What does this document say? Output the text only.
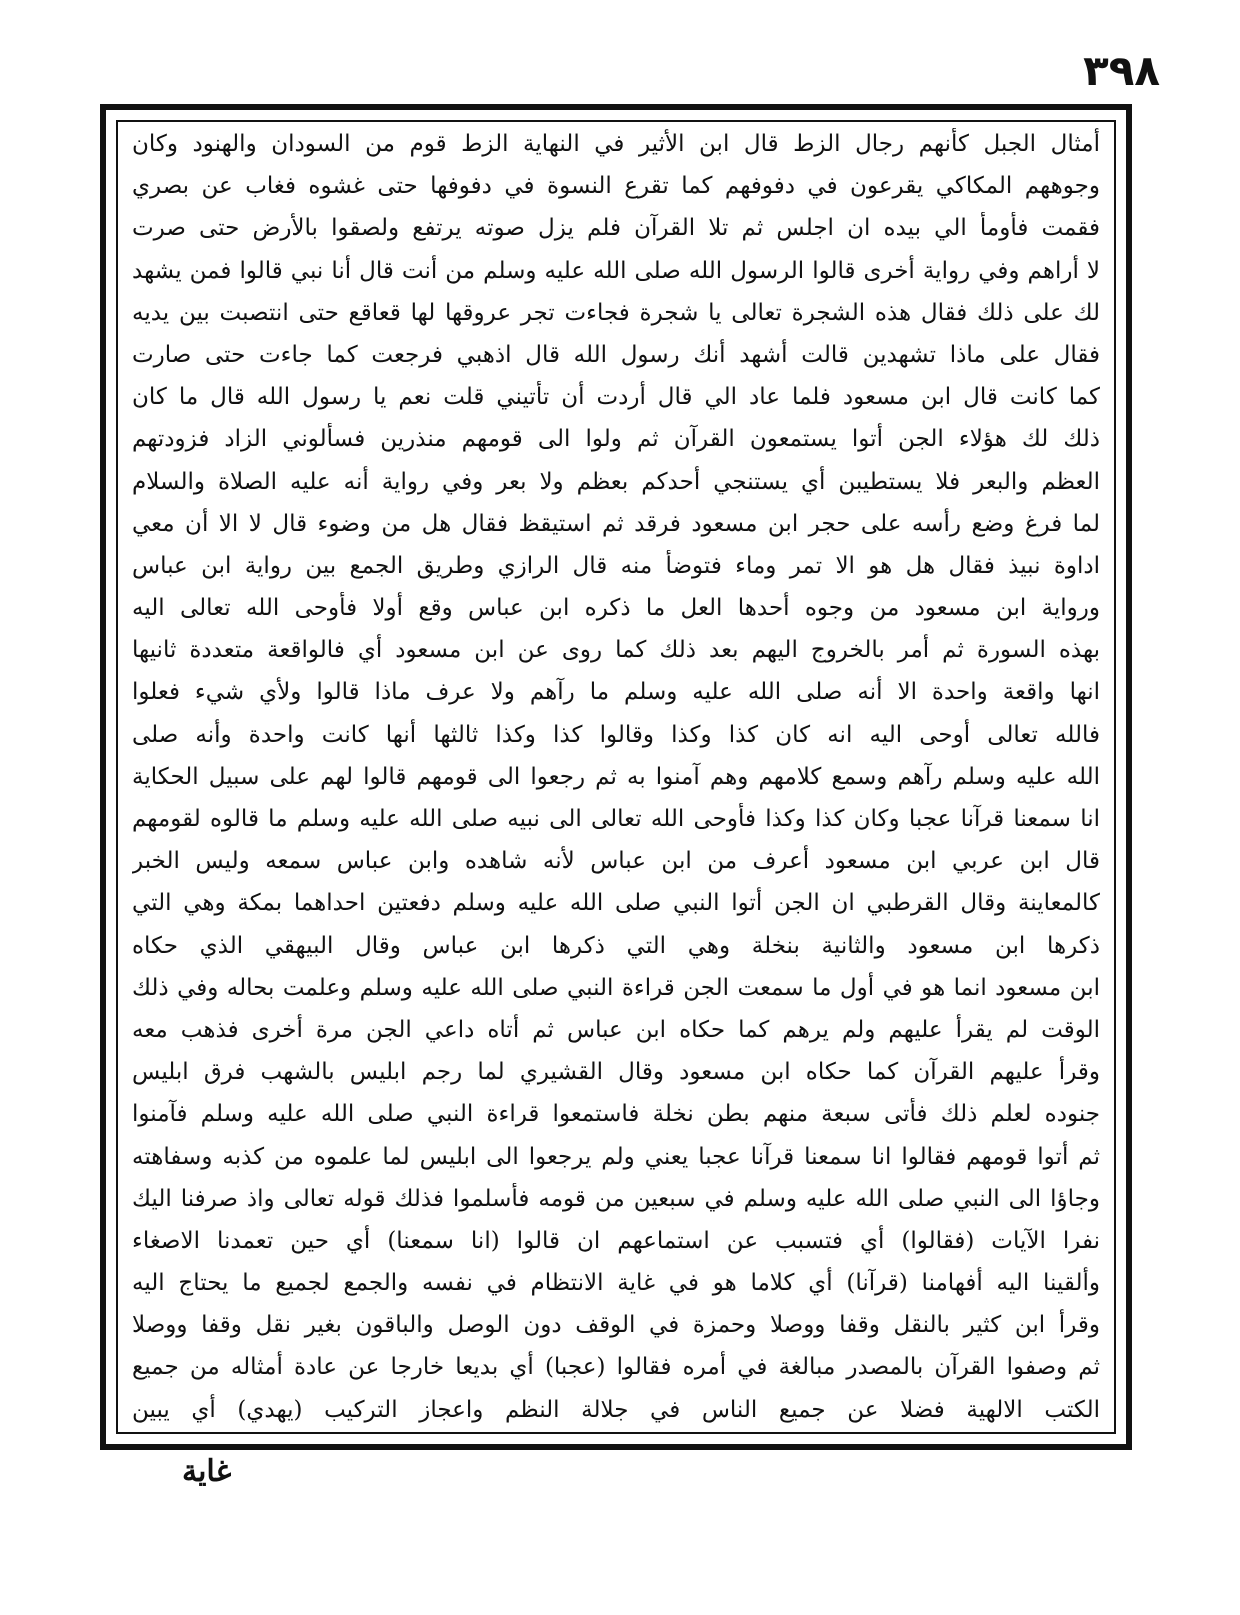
٣٩٨
أمثال الجبل كأنهم رجال الزط قال ابن الأثير في النهاية الزط قوم من السودان والهنود وكان
وجوههم المكاكي يقرعون في دفوفهم كما تقرع النسوة في دفوفها حتى غشوه فغاب عن بصري
فقمت فأومأ الي بيده ان اجلس ثم تلا القرآن فلم يزل صوته يرتفع ولصقوا بالأرض حتى صرت
لا أراهم وفي رواية أخرى قالوا الرسول الله صلى الله عليه وسلم من أنت قال أنا نبي قالوا فمن يشهد
لك على ذلك فقال هذه الشجرة تعالى يا شجرة فجاءت تجر عروقها لها قعاقع حتى انتصبت بين يديه
فقال على ماذا تشهدين قالت أشهد أنك رسول الله قال اذهبي فرجعت كما جاءت حتى صارت
كما كانت قال ابن مسعود فلما عاد الي قال أردت أن تأتيني قلت نعم يا رسول الله قال ما كان
ذلك لك هؤلاء الجن أتوا يستمعون القرآن ثم ولوا الى قومهم منذرين فسألوني الزاد فزودتهم
العظم والبعر فلا يستطيبن أي يستنجي أحدكم بعظم ولا بعر وفي رواية أنه عليه الصلاة والسلام
لما فرغ وضع رأسه على حجر ابن مسعود فرقد ثم استيقظ فقال هل من وضوء قال لا الا أن معي
اداوة نبيذ فقال هل هو الا تمر وماء فتوضأ منه قال الرازي وطريق الجمع بين رواية ابن عباس
ورواية ابن مسعود من وجوه أحدها العل ما ذكره ابن عباس وقع أولا فأوحى الله تعالى اليه
بهذه السورة ثم أمر بالخروج اليهم بعد ذلك كما روى عن ابن مسعود أي فالواقعة متعددة ثانيها
انها واقعة واحدة الا أنه صلى الله عليه وسلم ما رآهم ولا عرف ماذا قالوا ولأي شيء فعلوا
فالله تعالى أوحى اليه انه كان كذا وكذا وقالوا كذا وكذا ثالثها أنها كانت واحدة وأنه صلى
الله عليه وسلم رآهم وسمع كلامهم وهم آمنوا به ثم رجعوا الى قومهم قالوا لهم على سبيل الحكاية
انا سمعنا قرآنا عجبا وكان كذا وكذا فأوحى الله تعالى الى نبيه صلى الله عليه وسلم ما قالوه لقومهم
قال ابن عربي ابن مسعود أعرف من ابن عباس لأنه شاهده وابن عباس سمعه وليس الخبر
كالمعاينة وقال القرطبي ان الجن أتوا النبي صلى الله عليه وسلم دفعتين احداهما بمكة وهي التي
ذكرها ابن مسعود والثانية بنخلة وهي التي ذكرها ابن عباس وقال البيهقي الذي حكاه
ابن مسعود انما هو في أول ما سمعت الجن قراءة النبي صلى الله عليه وسلم وعلمت بحاله وفي ذلك
الوقت لم يقرأ عليهم ولم يرهم كما حكاه ابن عباس ثم أتاه داعي الجن مرة أخرى فذهب معه
وقرأ عليهم القرآن كما حكاه ابن مسعود وقال القشيري لما رجم ابليس بالشهب فرق ابليس
جنوده لعلم ذلك فأتى سبعة منهم بطن نخلة فاستمعوا قراءة النبي صلى الله عليه وسلم فآمنوا
ثم أتوا قومهم فقالوا انا سمعنا قرآنا عجبا يعني ولم يرجعوا الى ابليس لما علموه من كذبه وسفاهته
وجاؤا الى النبي صلى الله عليه وسلم في سبعين من قومه فأسلموا فذلك قوله تعالى واذ صرفنا اليك
نفرا الآيات (فقالوا) أي فتسبب عن استماعهم ان قالوا (انا سمعنا) أي حين تعمدنا الاصغاء
وألقينا اليه أفهامنا (قرآنا) أي كلاما هو في غاية الانتظام في نفسه والجمع لجميع ما يحتاج اليه
وقرأ ابن كثير بالنقل وقفا ووصلا وحمزة في الوقف دون الوصل والباقون بغير نقل وقفا ووصلا
ثم وصفوا القرآن بالمصدر مبالغة في أمره فقالوا (عجبا) أي بديعا خارجا عن عادة أمثاله من جميع
الكتب الالهية فضلا عن جميع الناس في جلالة النظم واعجاز التركيب (يهدي) أي يبين
غاية
